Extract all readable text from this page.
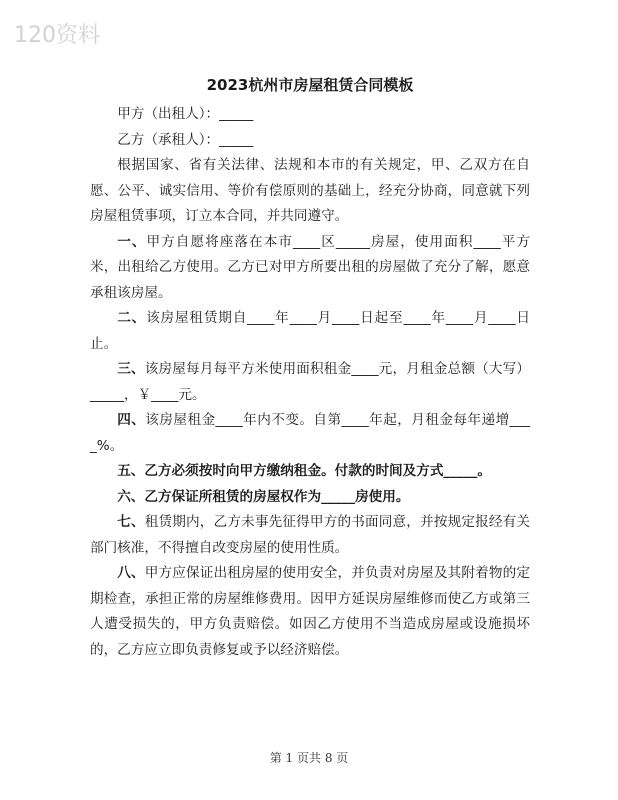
120资料
2023杭州市房屋租赁合同模板

甲方（出租人）：_____

乙方（承租人）：_____

根据国家、省有关法律、法规和本市的有关规定，甲、乙双方在自愿、公平、诚实信用、等价有偿原则的基础上，经充分协商，同意就下列房屋租赁事项，订立本合同，并共同遵守。

一、甲方自愿将座落在本市____区_____房屋，使用面积____平方米，出租给乙方使用。乙方已对甲方所要出租的房屋做了充分了解，愿意承租该房屋。

二、该房屋租赁期自____年____月____日起至____年____月____日止。

三、该房屋每月每平方米使用面积租金____元，月租金总额（大写）_____，￥____元。

四、该房屋租金____年内不变。自第____年起，月租金每年递增____%。

五、乙方必须按时向甲方缴纳租金。付款的时间及方式_____。

六、乙方保证所租赁的房屋权作为_____房使用。

七、租赁期内，乙方未事先征得甲方的书面同意，并按规定报经有关部门核准，不得擅自改变房屋的使用性质。

八、甲方应保证出租房屋的使用安全，并负责对房屋及其附着物的定期检查，承担正常的房屋维修费用。因甲方延误房屋维修而使乙方或第三人遭受损失的，甲方负责赔偿。如因乙方使用不当造成房屋或设施损坏的，乙方应立即负责修复或予以经济赔偿。

第 1 页共 8 页
